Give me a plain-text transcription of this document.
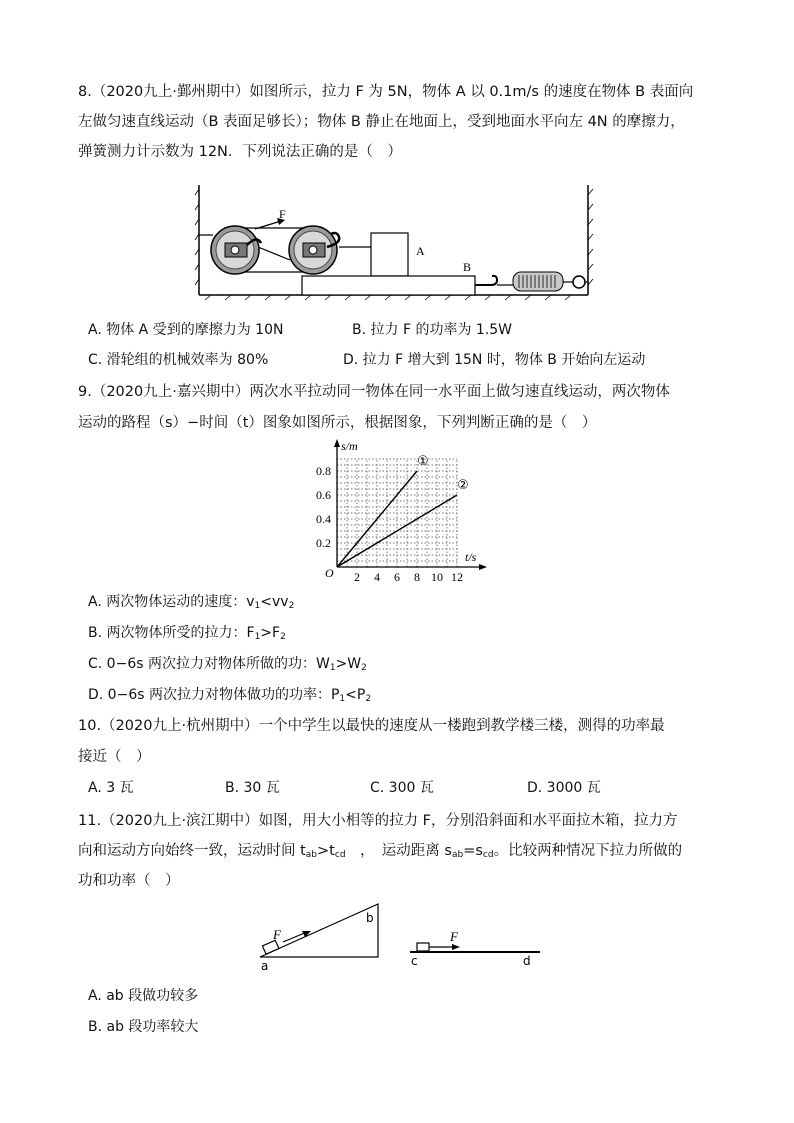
8.（2020九上·鄞州期中）如图所示，拉力 F 为 5N，物体 A 以 0.1m/s 的速度在物体 B 表面向
左做匀速直线运动（B 表面足够长）；物体 B 静止在地面上，受到地面水平向左 4N 的摩擦力，
弹簧测力计示数为 12N．下列说法正确的是（　）
F
A
B
A. 物体 A 受到的摩擦力为 10N	B. 拉力 F 的功率为 1.5W
C. 滑轮组的机械效率为 80%	D. 拉力 F 增大到 15N 时，物体 B 开始向左运动
9.（2020九上·嘉兴期中）两次水平拉动同一物体在同一水平面上做匀速直线运动，两次物体
运动的路程（s）−时间（t）图象如图所示，根据图象，下列判断正确的是（　）
s/m
t/s
O 2 4 6 8 10 12
0.2
0.4
0.6
0.8
①
②
A. 两次物体运动的速度：$v_1<vv_2$
B. 两次物体所受的拉力：$F_1>F_2$
C. 0−6s 两次拉力对物体所做的功：$W_1>W_2$
D. 0−6s 两次拉力对物体做功的功率：$P_1<P_2$
10.（2020九上·杭州期中）一个中学生以最快的速度从一楼跑到教学楼三楼，测得的功率最
接近（　）
A. 3 瓦	B. 30 瓦	C. 300 瓦	D. 3000 瓦
11.（2020九上·滨江期中）如图，用大小相等的拉力 F，分别沿斜面和水平面拉木箱，拉力方
向和运动方向始终一致，运动时间 $t_{ab}>t_{cd}$　，　运动距离 $s_{ab}=s_{cd}$。比较两种情况下拉力所做的
功和功率（　）
F	F
a
b
c	d
A. ab 段做功较多
B. ab 段功率较大
